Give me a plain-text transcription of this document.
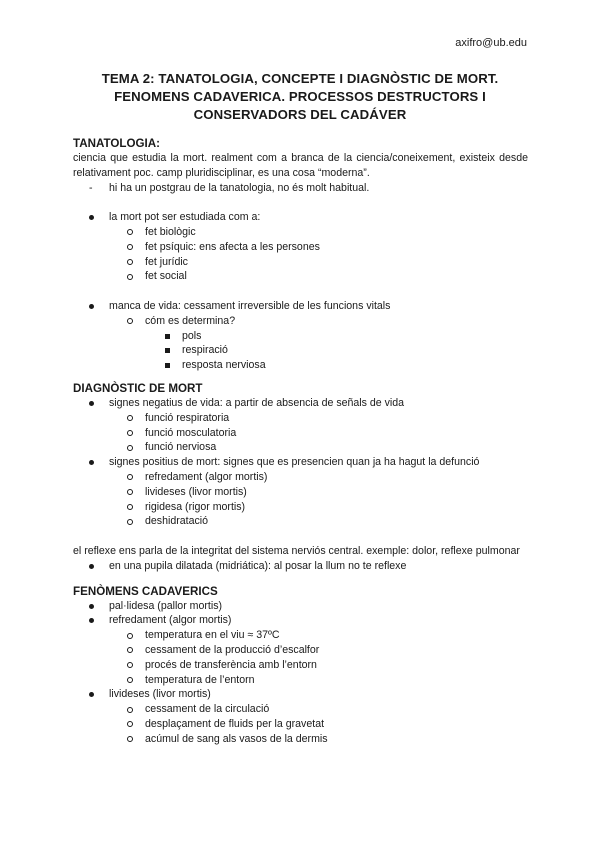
axifro@ub.edu
TEMA 2: TANATOLOGIA, CONCEPTE I DIAGNÒSTIC DE MORT.
FENOMENS CADAVERICA. PROCESSOS DESTRUCTORS I
CONSERVADORS DEL CADÁVER
TANATOLOGIA:
ciencia que estudia la mort. realment com a branca de la ciencia/coneixement, existeix desde relativament poc. camp pluridisciplinar, es una cosa “moderna”.
- hi ha un postgrau de la tanatologia, no és molt habitual.
la mort pot ser estudiada com a:
fet biològic
fet psíquic: ens afecta a les persones
fet jurídic
fet social
manca de vida: cessament irreversible de les funcions vitals
cóm es determina?
pols
respiració
resposta nerviosa
DIAGNÒSTIC DE MORT
signes negatius de vida: a partir de absencia de señals de vida
funció respiratoria
funció mosculatoria
funció nerviosa
signes positius de mort: signes que es presencien quan ja ha hagut la defunció
refredament (algor mortis)
livideses (livor mortis)
rigidesa (rigor mortis)
deshidratació
el reflexe ens parla de la integritat del sistema nerviós central. exemple: dolor, reflexe pulmonar
en una pupila dilatada (midriática): al posar la llum no te reflexe
FENÒMENS CADAVERICS
pal·lidesa (pallor mortis)
refredament (algor mortis)
temperatura en el viu ≈ 37ºC
cessament de la producció d’escalfor
procés de transferència amb l’entorn
temperatura de l’entorn
livideses (livor mortis)
cessament de la circulació
desplaçament de fluids per la gravetat
acúmul de sang als vasos de la dermis
